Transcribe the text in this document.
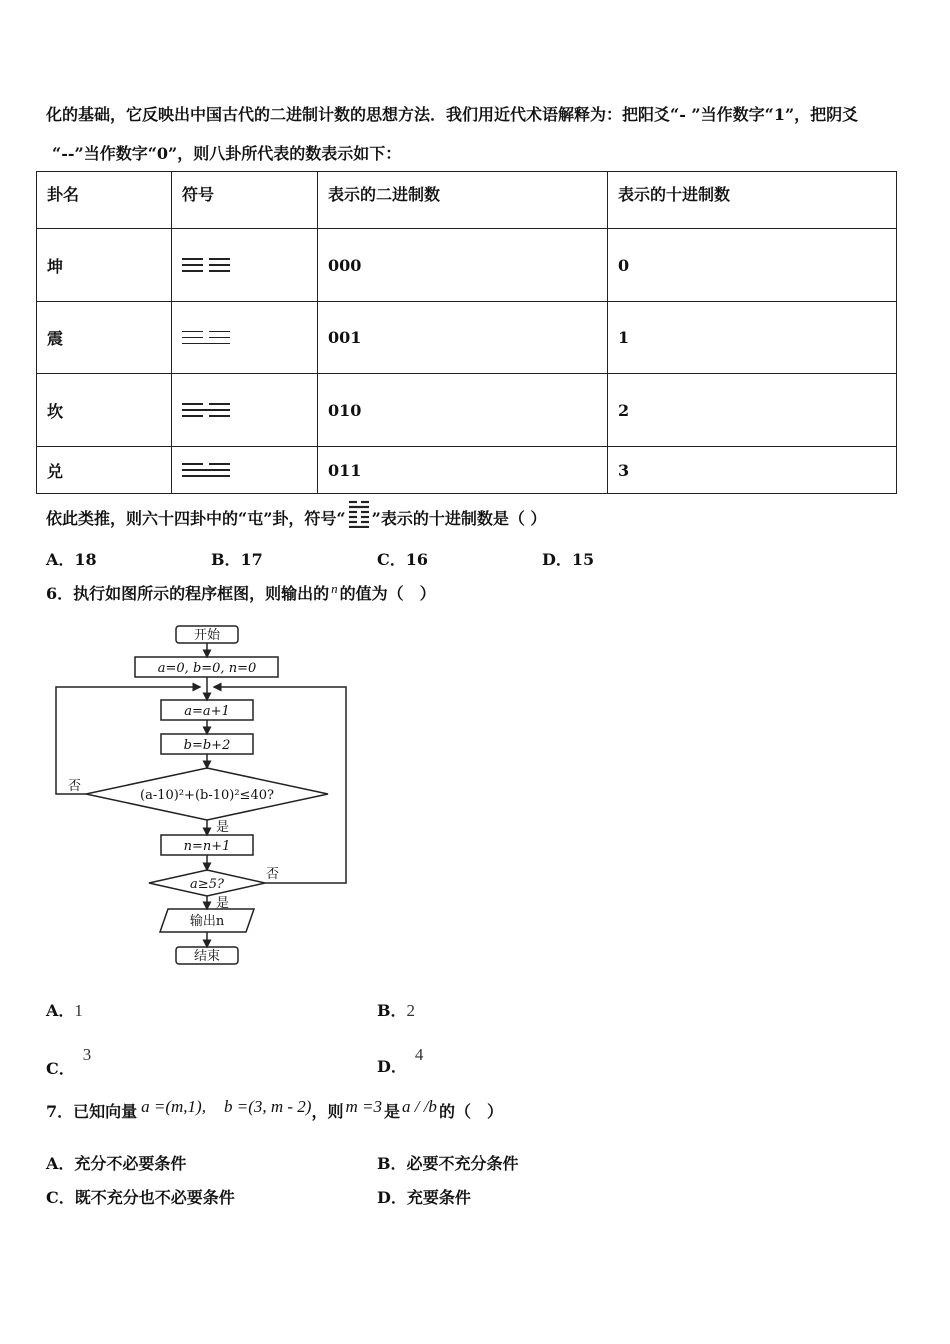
化的基础，它反映出中国古代的二进制计数的思想方法．我们用近代术语解释为：把阳爻“- ”当作数字“1”，把阴爻
“--”当作数字“0”，则八卦所代表的数表示如下：
卦名	符号	表示的二进制数	表示的十进制数
坤		000	0
震		001	1
坎		010	2
兑		011	3
依此类推，则六十四卦中的“屯”卦，符号“ ”表示的十进制数是（ ）
A．18	B．17	C．16	D．15
6．执行如图所示的程序框图，则输出的 $^n$ 的值为（　）
开始
a=0, b=0, n=0
a=a+1
b=b+2
(a-10)²+(b-10)²≤40?
是
否
n=n+1
a≥5?
是
否
输出n
结束
A．1	B．2
C．3
D．4
7．已知向量 a =(m,1), b =(3, m - 2)，则 m =3 是 a / /b 的（　）
A．充分不必要条件	B．必要不充分条件
C．既不充分也不必要条件	D．充要条件
